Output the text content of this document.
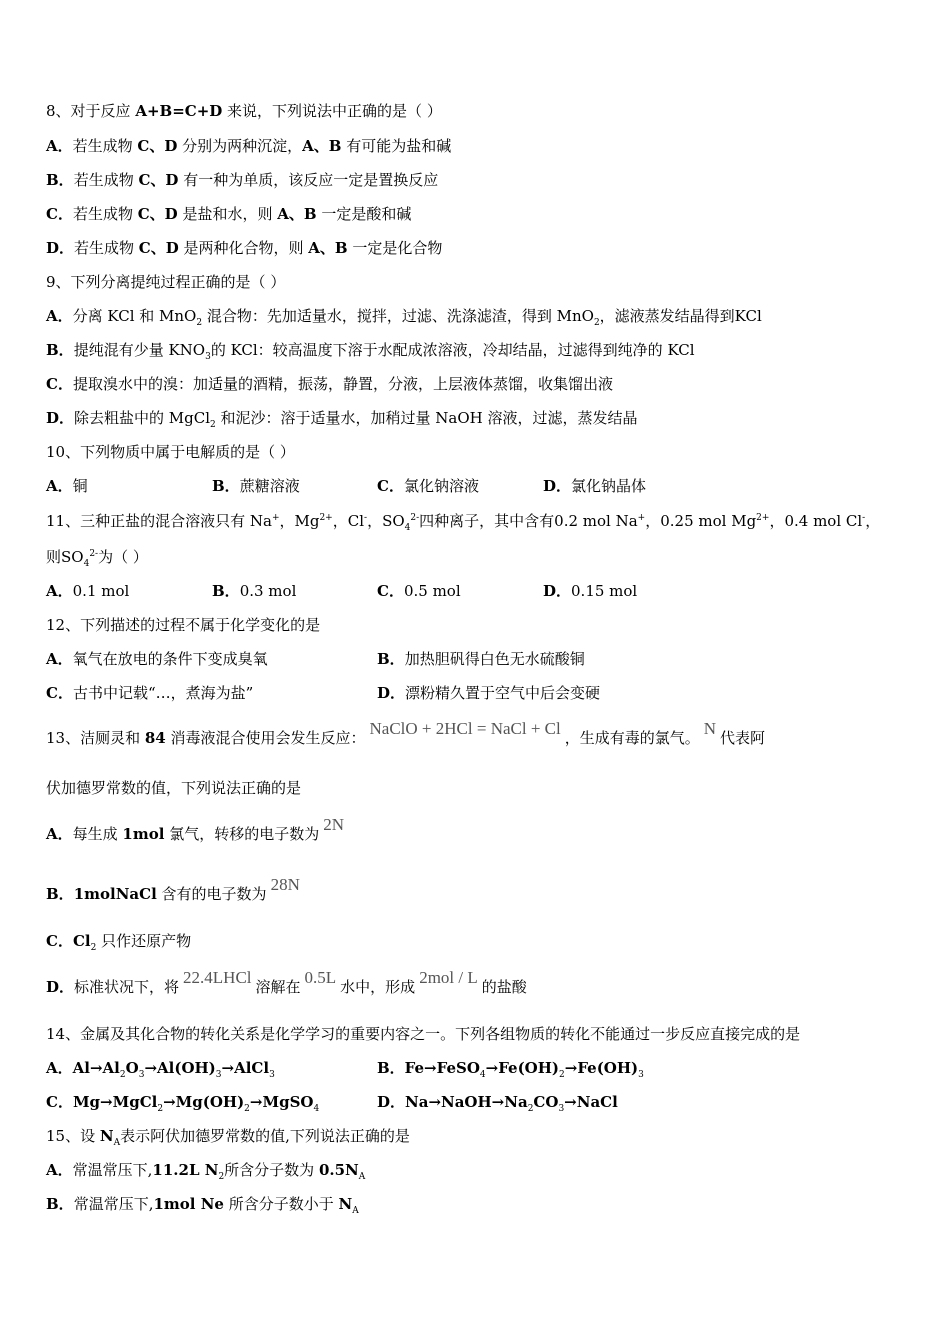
8、对于反应 A+B=C+D 来说，下列说法中正确的是（ ）
A．若生成物 C、D 分别为两种沉淀，A、B 有可能为盐和碱
B．若生成物 C、D 有一种为单质，该反应一定是置换反应
C．若生成物 C、D 是盐和水，则 A、B 一定是酸和碱
D．若生成物 C、D 是两种化合物，则 A、B 一定是化合物
9、下列分离提纯过程正确的是（ ）
A．分离 KCl 和 MnO$_2$ 混合物：先加适量水，搅拌，过滤、洗涤滤渣，得到 MnO$_2$，滤液蒸发结晶得到KCl
B．提纯混有少量 $KNO_3$的 KCl：较高温度下溶于水配成浓溶液，冷却结晶，过滤得到纯净的 KCl
C．提取溴水中的溴：加适量的酒精，振荡，静置，分液，上层液体蒸馏，收集馏出液
D．除去粗盐中的 MgCl$_2$ 和泥沙：溶于适量水，加稍过量 NaOH 溶液，过滤，蒸发结晶
10、下列物质中属于电解质的是（ ）
A．铜	B．蔗糖溶液	C．氯化钠溶液	D．氯化钠晶体
11、三种正盐的混合溶液只有 Na+，$Mg^{2+}$，Cl-，$SO_4^{2-}$四种离子，其中含有0.2 mol Na+，0.25 mol $Mg^{2+}$，0.4 mol Cl-，
则$SO_4^{2-}$为（ ）
A．0.1 mol	B．0.3 mol	C．0.5 mol	D．0.15 mol
12、下列描述的过程不属于化学变化的是
A．氧气在放电的条件下变成臭氧	B．加热胆矾得白色无水硫酸铜
C．古书中记载“…，煮海为盐”	D．漂粉精久置于空气中后会变硬
13、洁厕灵和 84 消毒液混合使用会发生反应： NaClO + 2HCl = NaCl + Cl ，生成有毒的氯气。 N 代表阿
伏加德罗常数的值，下列说法正确的是
A．每生成 1mol 氯气，转移的电子数为 2N
B．1molNaCl 含有的电子数为 28N
C．$Cl_2$ 只作还原产物
D．标准状况下，将 22.4LHCl 溶解在 0.5L 水中，形成 2mol / L 的盐酸
14、金属及其化合物的转化关系是化学学习的重要内容之一。下列各组物质的转化不能通过一步反应直接完成的是
A．$Al\to Al_2O_3\to Al(OH)_3\to AlCl_3$	B．$Fe\to FeSO_4\to Fe(OH)_2\to Fe(OH)_3$
C．$Mg\to MgCl_2\to Mg(OH)_2\to MgSO_4$	D．$Na\to NaOH\to Na_2CO_3\to NaCl$
15、设 $N_A$表示阿伏加德罗常数的值,下列说法正确的是
A．常温常压下,11.2L $N_2$所含分子数为 $0.5N_A$
B．常温常压下,1mol Ne 所含分子数小于 $N_A$
